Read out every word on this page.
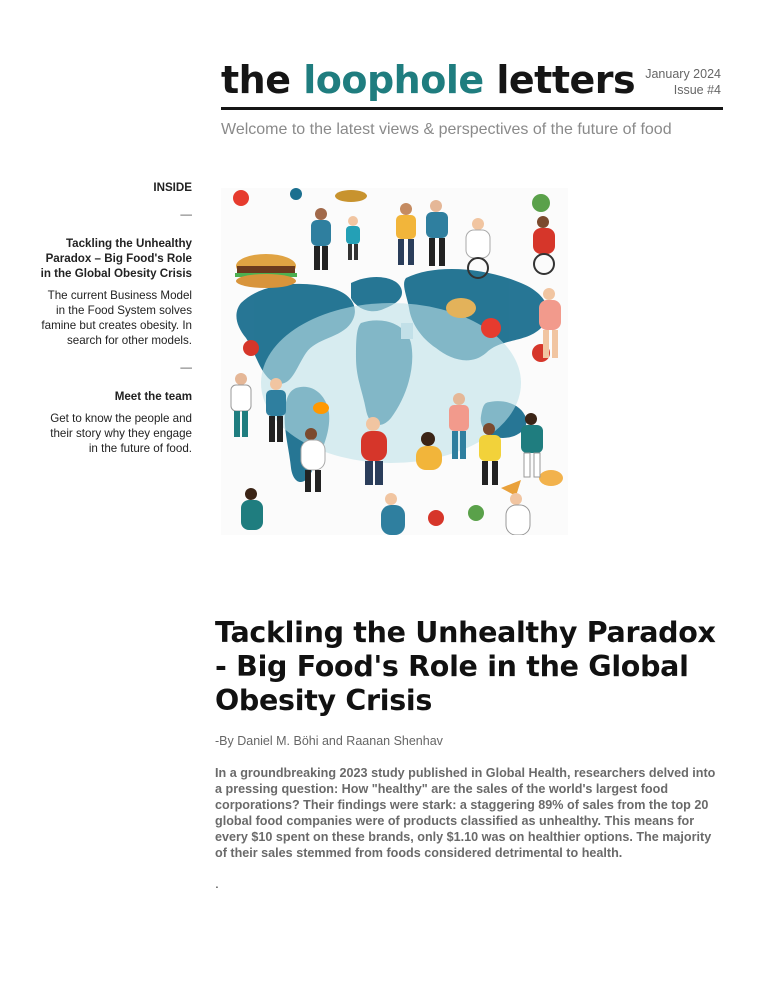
the loophole letters January 2024
Issue #4
Welcome to the latest views & perspectives of the future of food
INSIDE
—

Tackling the Unhealthy Paradox – Big Food's Role in the Global Obesity Crisis

The current Business Model in the Food System solves famine but creates obesity. In search for other models.

—

Meet the team

Get to know the people and their story why they engage in the future of food.

Tackling the Unhealthy Paradox - Big Food's Role in the Global Obesity Crisis
-By Daniel M. Böhi and Raanan Shenhav
In a groundbreaking 2023 study published in Global Health, researchers delved into a pressing question: How "healthy" are the sales of the world's largest food corporations? Their findings were stark: a staggering 89% of sales from the top 20 global food companies were of products classified as unhealthy. This means for every $10 spent on these brands, only $1.10 was on healthier options. The majority of their sales stemmed from foods considered detrimental to health.
.
